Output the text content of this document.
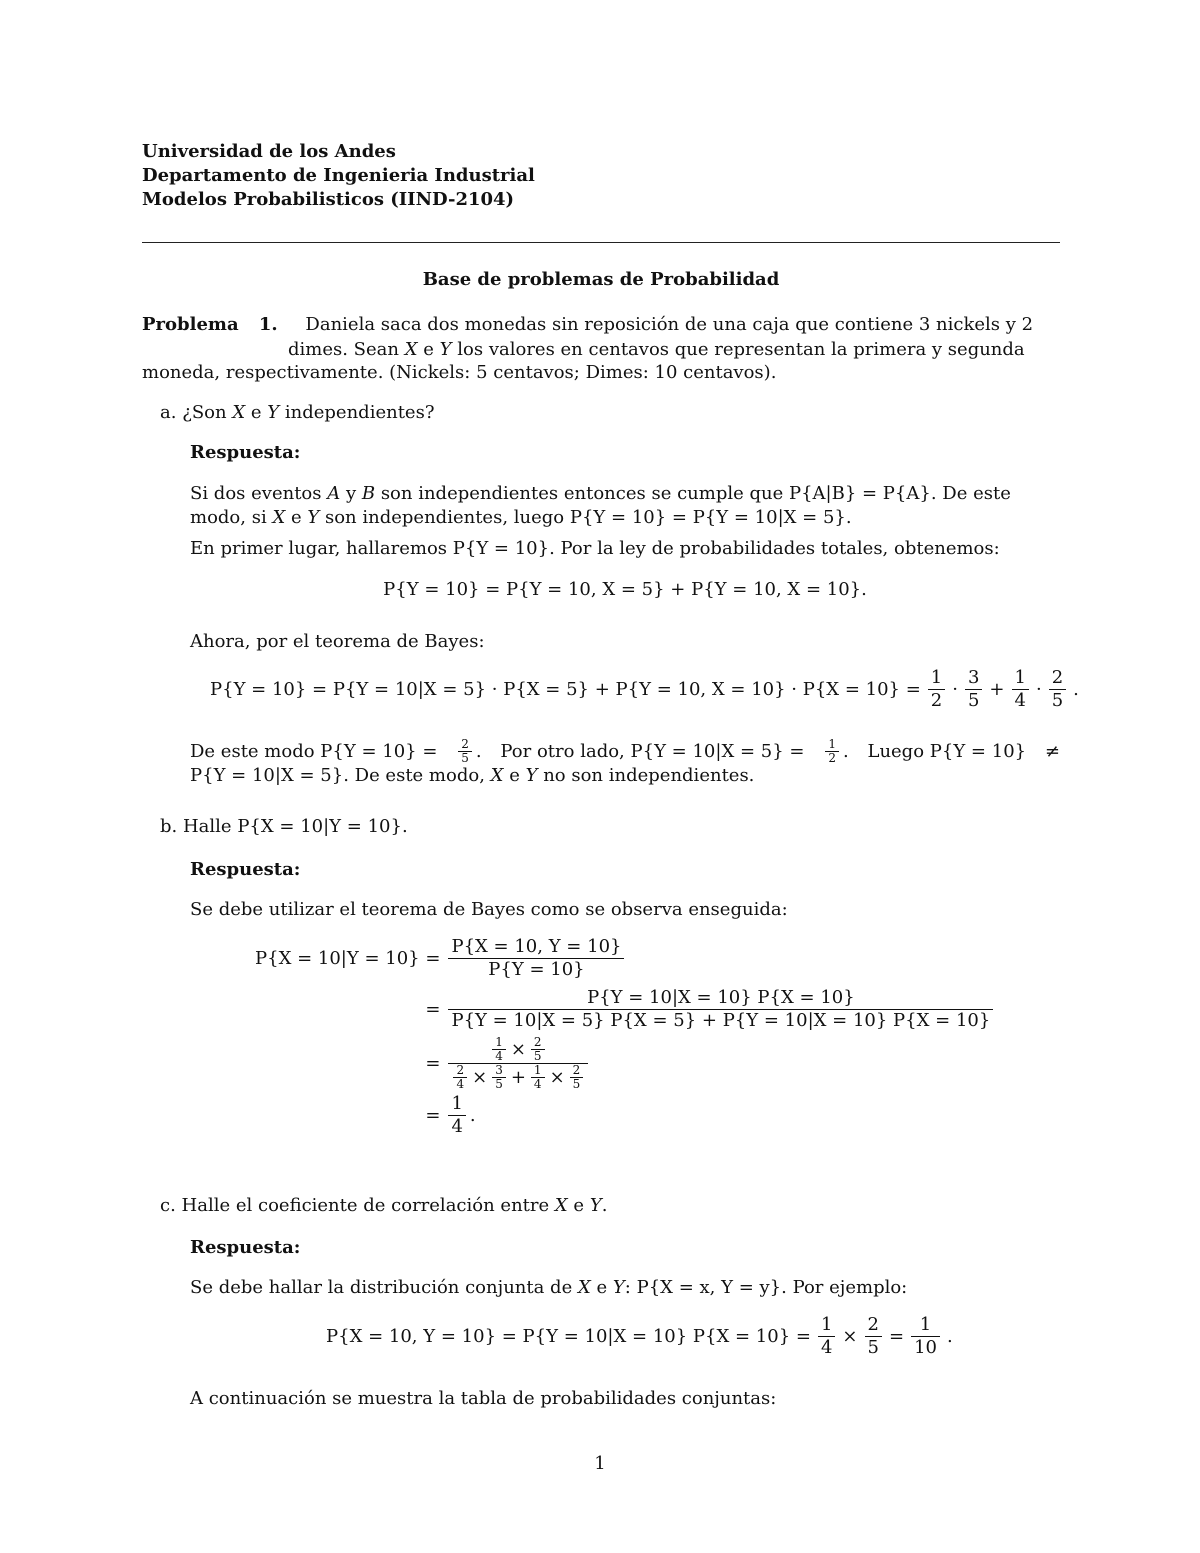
Universidad de los Andes
Departamento de Ingenieria Industrial
Modelos Probabilisticos (IIND-2104)
Base de problemas de Probabilidad
Problema 1. Daniela saca dos monedas sin reposición de una caja que contiene 3 nickels y 2
dimes. Sean X e Y los valores en centavos que representan la primera y segunda
moneda, respectivamente. (Nickels: 5 centavos; Dimes: 10 centavos).
a. ¿Son X e Y independientes?
Respuesta:
Si dos eventos A y B son independientes entonces se cumple que P{A|B} = P{A}. De este
modo, si X e Y son independientes, luego P{Y = 10} = P{Y = 10|X = 5}.
En primer lugar, hallaremos P{Y = 10}. Por la ley de probabilidades totales, obtenemos:
P{Y = 10} = P{Y = 10, X = 5} + P{Y = 10, X = 10}.
Ahora, por el teorema de Bayes:
P{Y = 10} = P{Y = 10|X = 5} · P{X = 5} + P{Y = 10, $X = 10\} \cdot P\{X = 10\} = \frac{1}{2} \cdot \frac{3}{5} + \frac{1}{4} \cdot \frac{2}{5}$ .
De este modo $P\{Y = 10\} = \frac{2}{5}$ . Por otro lado, $P\{Y = 10|X = 5\} = \frac{1}{2}$ . Luego P{Y = 10} ≠
P{Y = 10|X = 5}. De este modo, X e Y no son independientes.
b. Halle P{X = 10|Y = 10}.
Respuesta:
Se debe utilizar el teorema de Bayes como se observa enseguida:
$P\{X = 10|Y = 10\} = \frac{P\{X = 10, Y = 10\}}{P\{Y = 10\}}$
= $\frac{P\{Y = 10|X = 10\} P\{X = 10\}}{P\{Y = 10|X = 5\} P\{X = 5\} + P\{Y = 10|X = 10\} P\{X = 10\}}$
= $\frac{\frac{1}{4} \times \frac{2}{5}}{\frac{2}{4} \times \frac{3}{5} + \frac{1}{4} \times \frac{2}{5}}$
= $\frac{1}{4}$ .
c. Halle el coeficiente de correlación entre X e Y.
Respuesta:
Se debe hallar la distribución conjunta de X e Y: P{X = x, Y = y}. Por ejemplo:
P{X = 10, Y = 10} = P{Y = 10|X = 10} $P\{X = 10\} = \frac{1}{4} \times \frac{2}{5} = \frac{1}{10}$ .
A continuación se muestra la tabla de probabilidades conjuntas:
1
